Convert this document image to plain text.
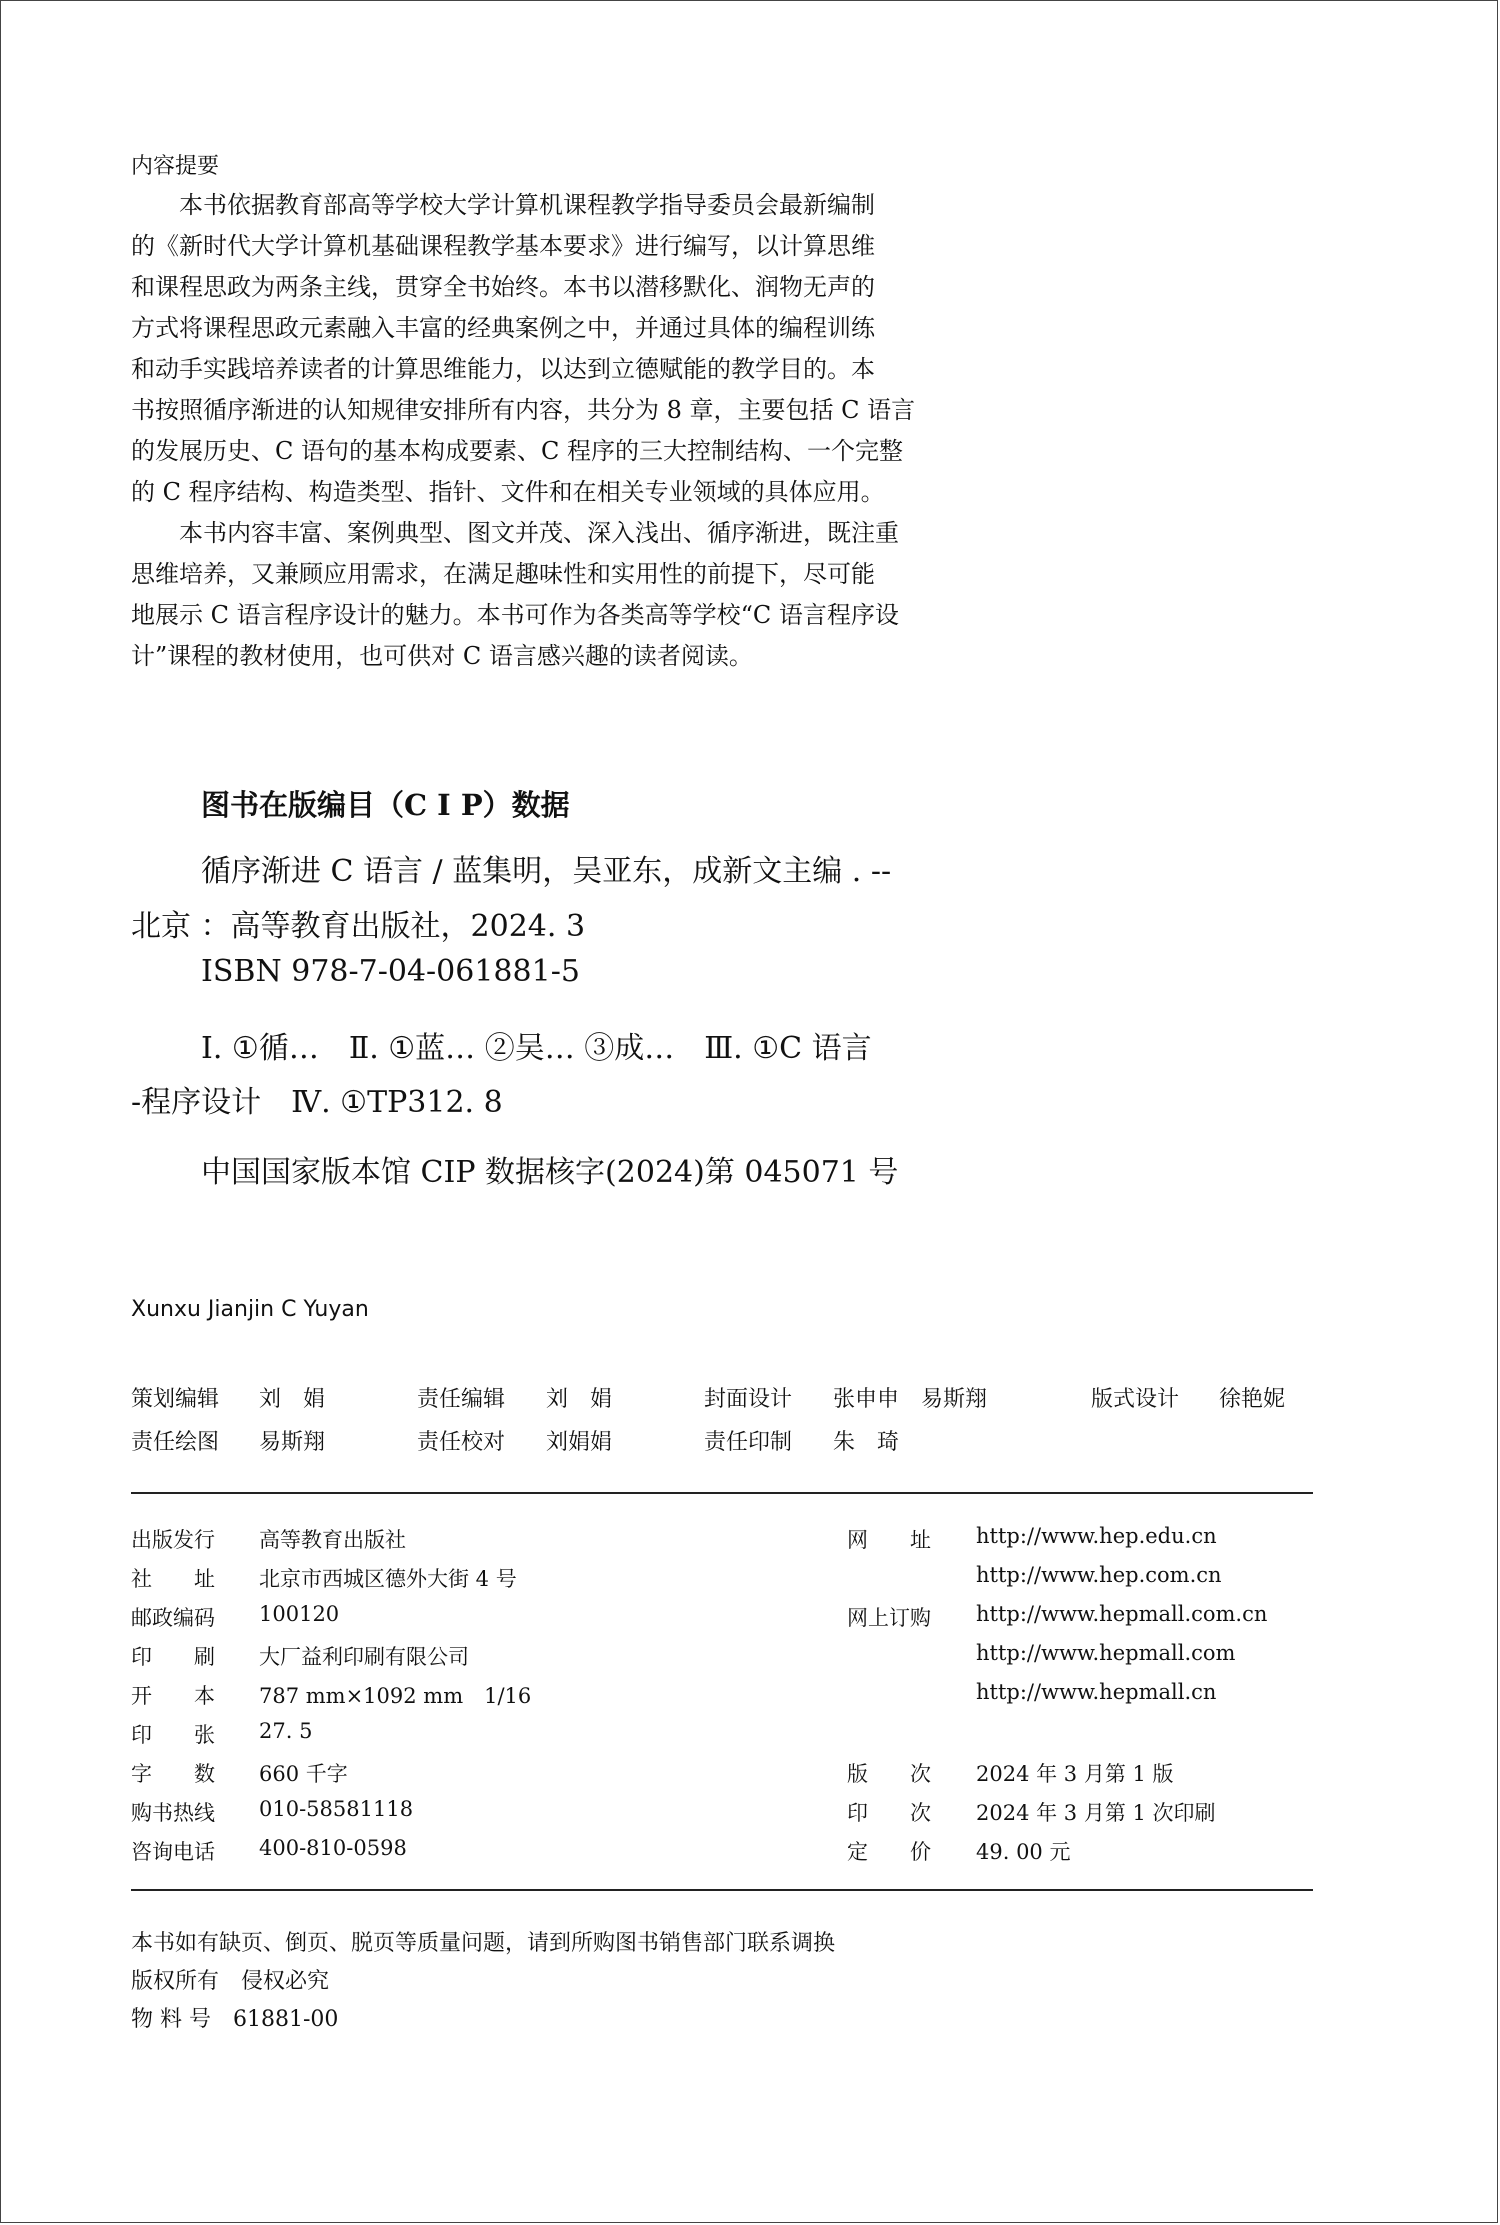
内容提要

　　本书依据教育部高等学校大学计算机课程教学指导委员会最新编制

的《新时代大学计算机基础课程教学基本要求》进行编写，以计算思维

和课程思政为两条主线，贯穿全书始终。本书以潜移默化、润物无声的

方式将课程思政元素融入丰富的经典案例之中，并通过具体的编程训练

和动手实践培养读者的计算思维能力，以达到立德赋能的教学目的。本

书按照循序渐进的认知规律安排所有内容，共分为 8 章，主要包括 C 语言

的发展历史、C 语句的基本构成要素、C 程序的三大控制结构、一个完整

的 C 程序结构、构造类型、指针、文件和在相关专业领域的具体应用。

　　本书内容丰富、案例典型、图文并茂、深入浅出、循序渐进，既注重

思维培养，又兼顾应用需求，在满足趣味性和实用性的前提下，尽可能

地展示 C 语言程序设计的魅力。本书可作为各类高等学校“C 语言程序设

计”课程的教材使用，也可供对 C 语言感兴趣的读者阅读。

图书在版编目（C I P）数据
循序渐进 C 语言 / 蓝集明，吴亚东，成新文主编 . --
北京 ：高等教育出版社，2024. 3
ISBN 978-7-04-061881-5
Ⅰ. ①循…　Ⅱ. ①蓝… ②吴… ③成…　Ⅲ. ①C 语言
-程序设计　Ⅳ. ①TP312. 8
中国国家版本馆 CIP 数据核字(2024)第 045071 号
Xunxu Jianjin C Yuyan
策划编辑 刘　娟	责任编辑 刘　娟	封面设计 张申申　易斯翔	版式设计 徐艳妮
责任绘图 易斯翔	责任校对 刘娟娟	责任印制 朱　琦
出版发行 高等教育出版社
社　　址 北京市西城区德外大街 4 号
邮政编码 100120
印　　刷 大厂益利印刷有限公司
开　　本 787 mm×1092 mm　1/16
印　　张 27. 5
字　　数 660 千字
购书热线 010-58581118
咨询电话 400-810-0598
网　　址 http://www.hep.edu.cn
http://www.hep.com.cn
网上订购 http://www.hepmall.com.cn
http://www.hepmall.com
http://www.hepmall.cn
版　　次 2024 年 3 月第 1 版
印　　次 2024 年 3 月第 1 次印刷
定　　价 49. 00 元
本书如有缺页、倒页、脱页等质量问题，请到所购图书销售部门联系调换
版权所有　侵权必究
物 料 号　61881-00
